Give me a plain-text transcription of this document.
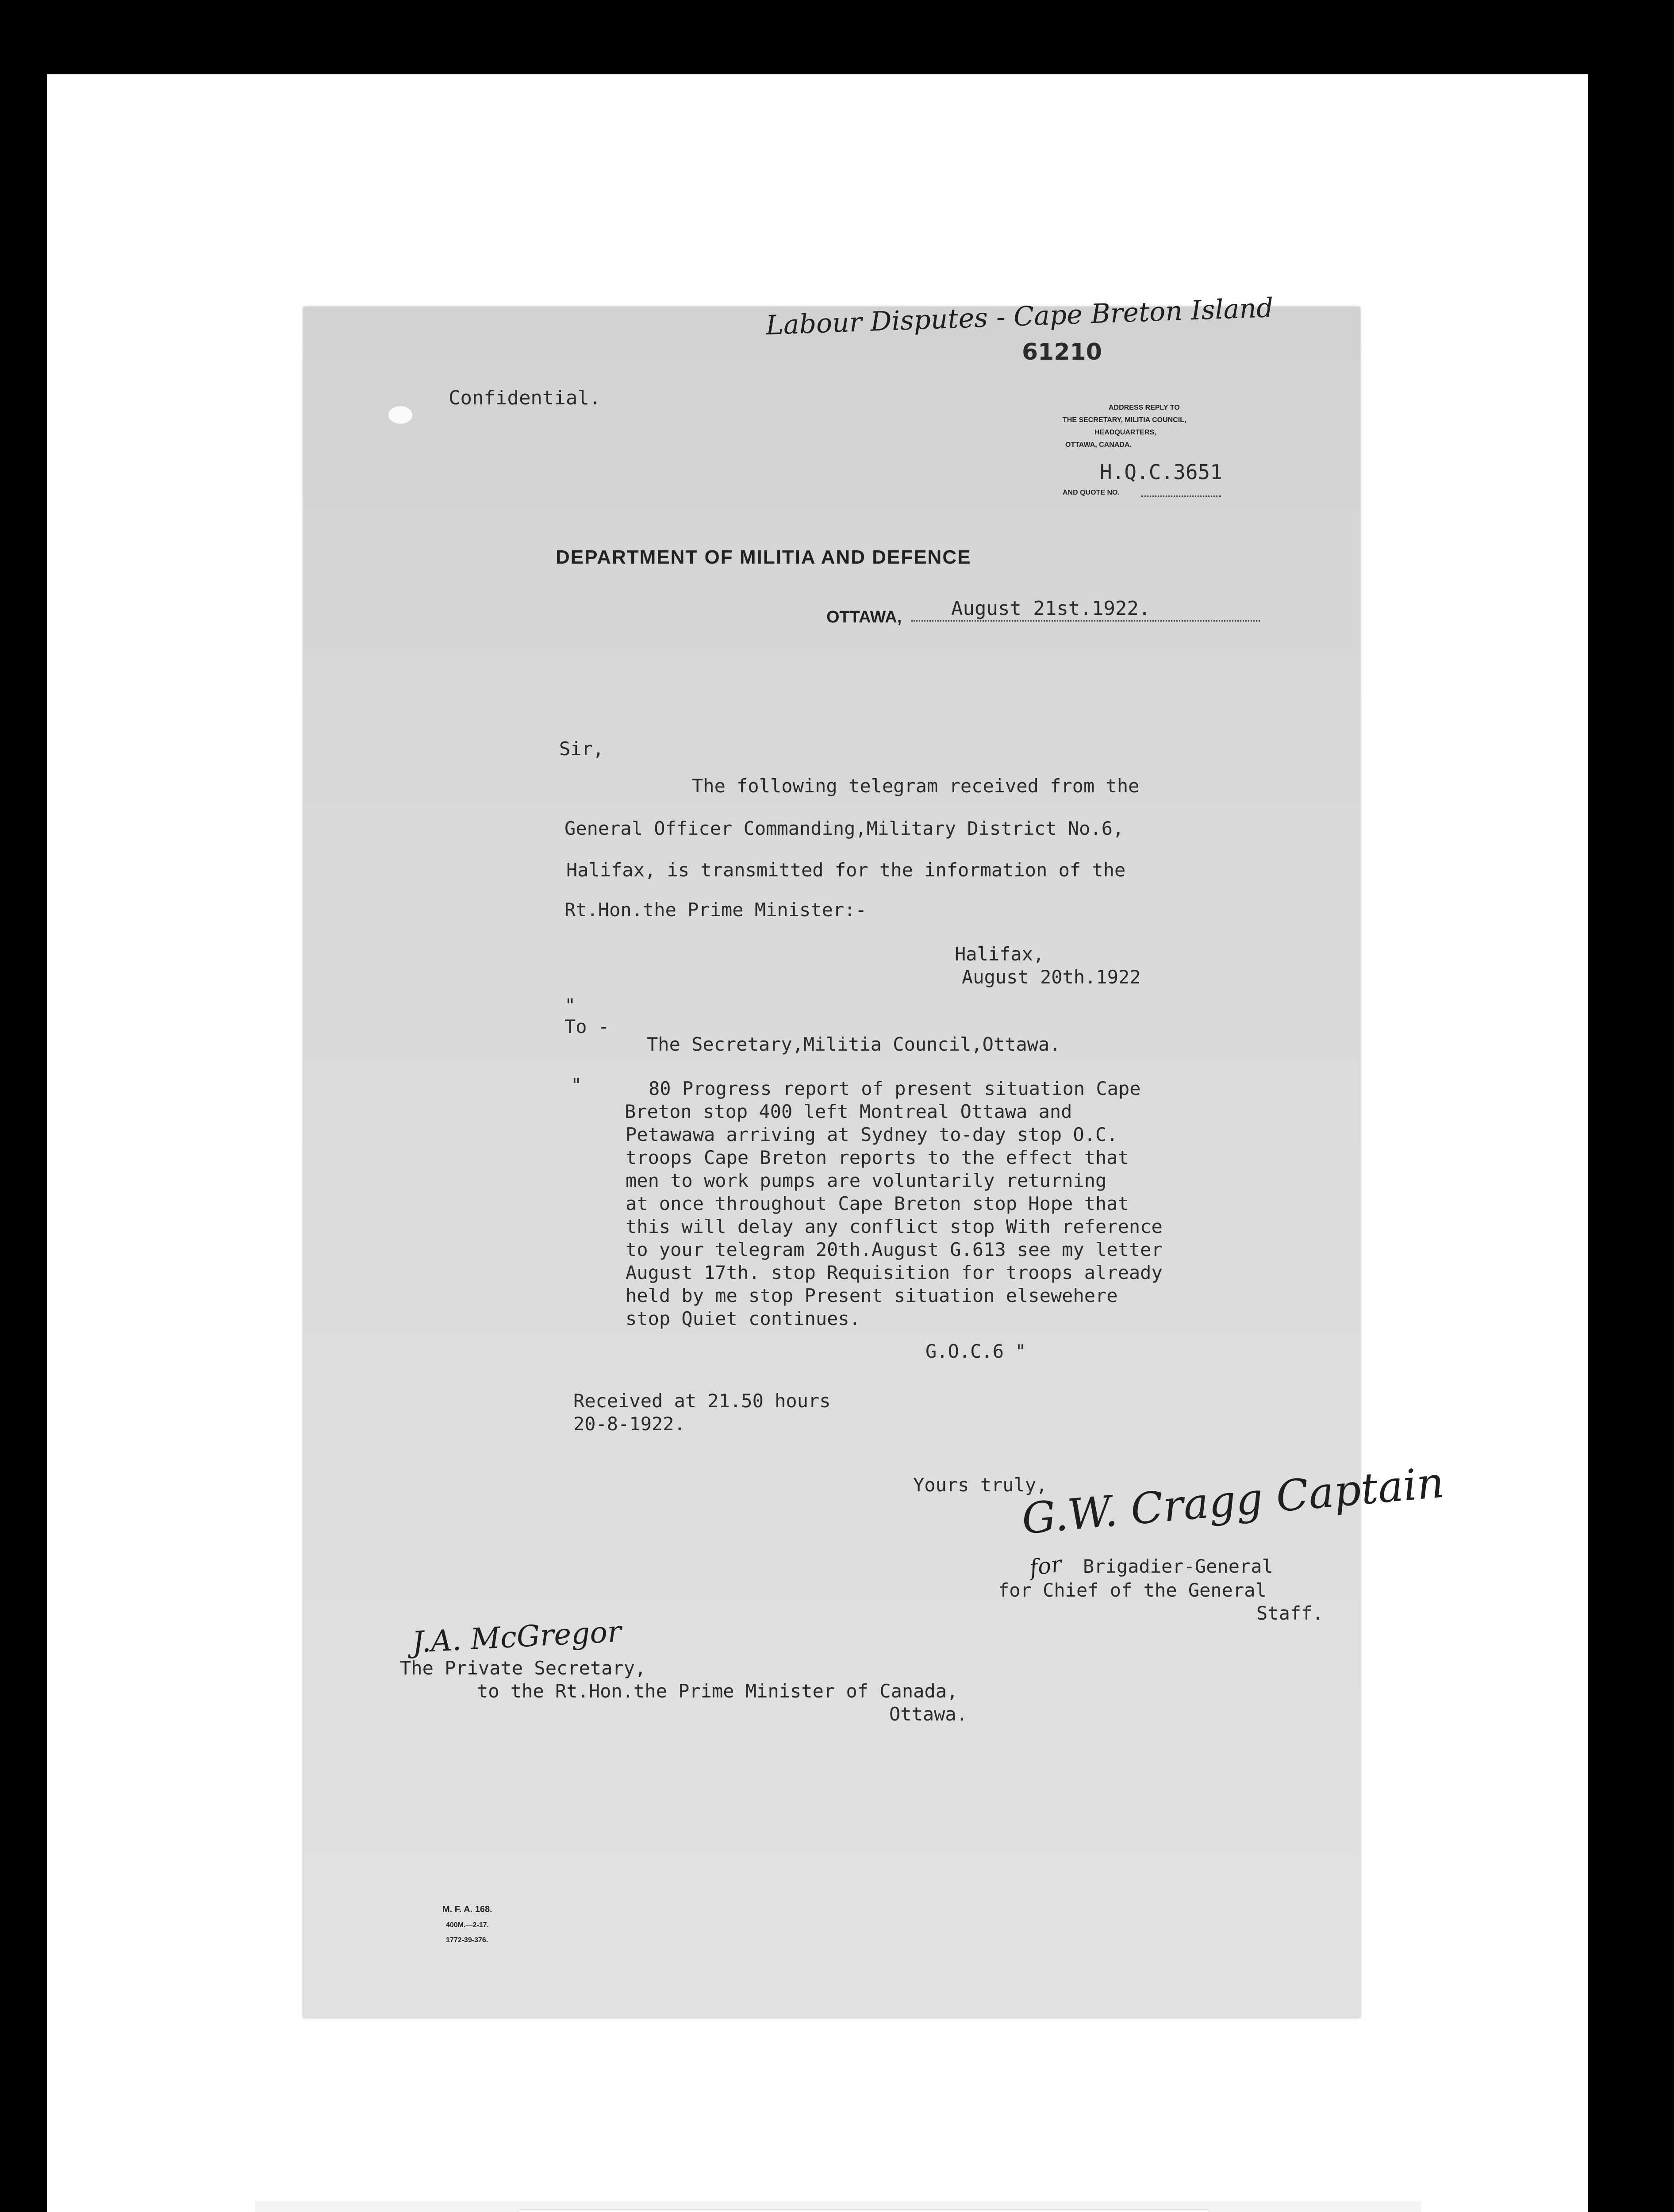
Labour Disputes - Cape Breton Island
61210
Confidential.	ADDRESS REPLY TO
THE SECRETARY, MILITIA COUNCIL,
HEADQUARTERS,
OTTAWA, CANADA.
H.Q.C.3651
AND QUOTE NO.
DEPARTMENT OF MILITIA AND DEFENCE
OTTAWA,	August 21st.1922.
Sir,
The following telegram received from the
General Officer Commanding,Military District No.6,
Halifax, is transmitted for the information of the
Rt.Hon.the Prime Minister:-
Halifax,
August 20th.1922
"
To -
The Secretary,Militia Council,Ottawa.
"	80 Progress report of present situation Cape
Breton stop 400 left Montreal Ottawa and
Petawawa arriving at Sydney to-day stop O.C.
troops Cape Breton reports to the effect that
men to work pumps are voluntarily returning
at once throughout Cape Breton stop Hope that
this will delay any conflict stop With reference
to your telegram 20th.August G.613 see my letter
August 17th. stop Requisition for troops already
held by me stop Present situation elsewehere
stop Quiet continues.
G.O.C.6 "
Received at 21.50 hours
20-8-1922.
Yours truly,
G.W. Cragg Captain
for Brigadier-General
for Chief of the General
Staff.
J.A. McGregor
The Private Secretary,
to the Rt.Hon.the Prime Minister of Canada,
Ottawa.
M. F. A. 168.
400M.—2-17.
1772-39-376.
